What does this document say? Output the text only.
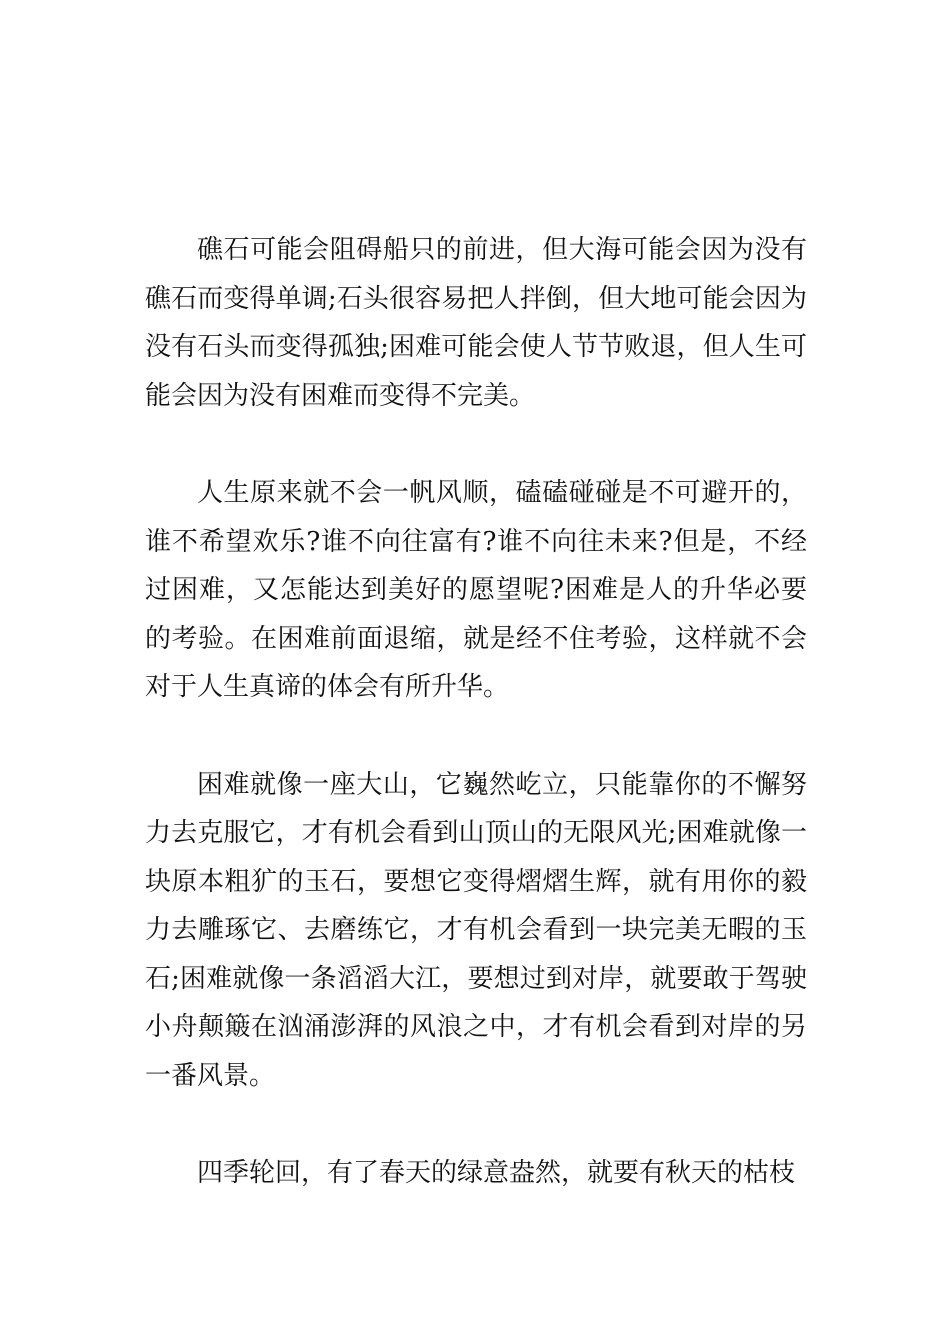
礁石可能会阻碍船只的前进，但大海可能会因为没有礁石而变得单调;石头很容易把人拌倒，但大地可能会因为没有石头而变得孤独;困难可能会使人节节败退，但人生可能会因为没有困难而变得不完美。

人生原来就不会一帆风顺，磕磕碰碰是不可避开的，谁不希望欢乐?谁不向往富有?谁不向往未来?但是，不经过困难，又怎能达到美好的愿望呢?困难是人的升华必要的考验。在困难前面退缩，就是经不住考验，这样就不会对于人生真谛的体会有所升华。

困难就像一座大山，它巍然屹立，只能靠你的不懈努力去克服它，才有机会看到山顶山的无限风光;困难就像一块原本粗犷的玉石，要想它变得熠熠生辉，就有用你的毅力去雕琢它、去磨练它，才有机会看到一块完美无暇的玉石;困难就像一条滔滔大江，要想过到对岸，就要敢于驾驶小舟颠簸在汹涌澎湃的风浪之中，才有机会看到对岸的另一番风景。

四季轮回，有了春天的绿意盎然，就要有秋天的枯枝
